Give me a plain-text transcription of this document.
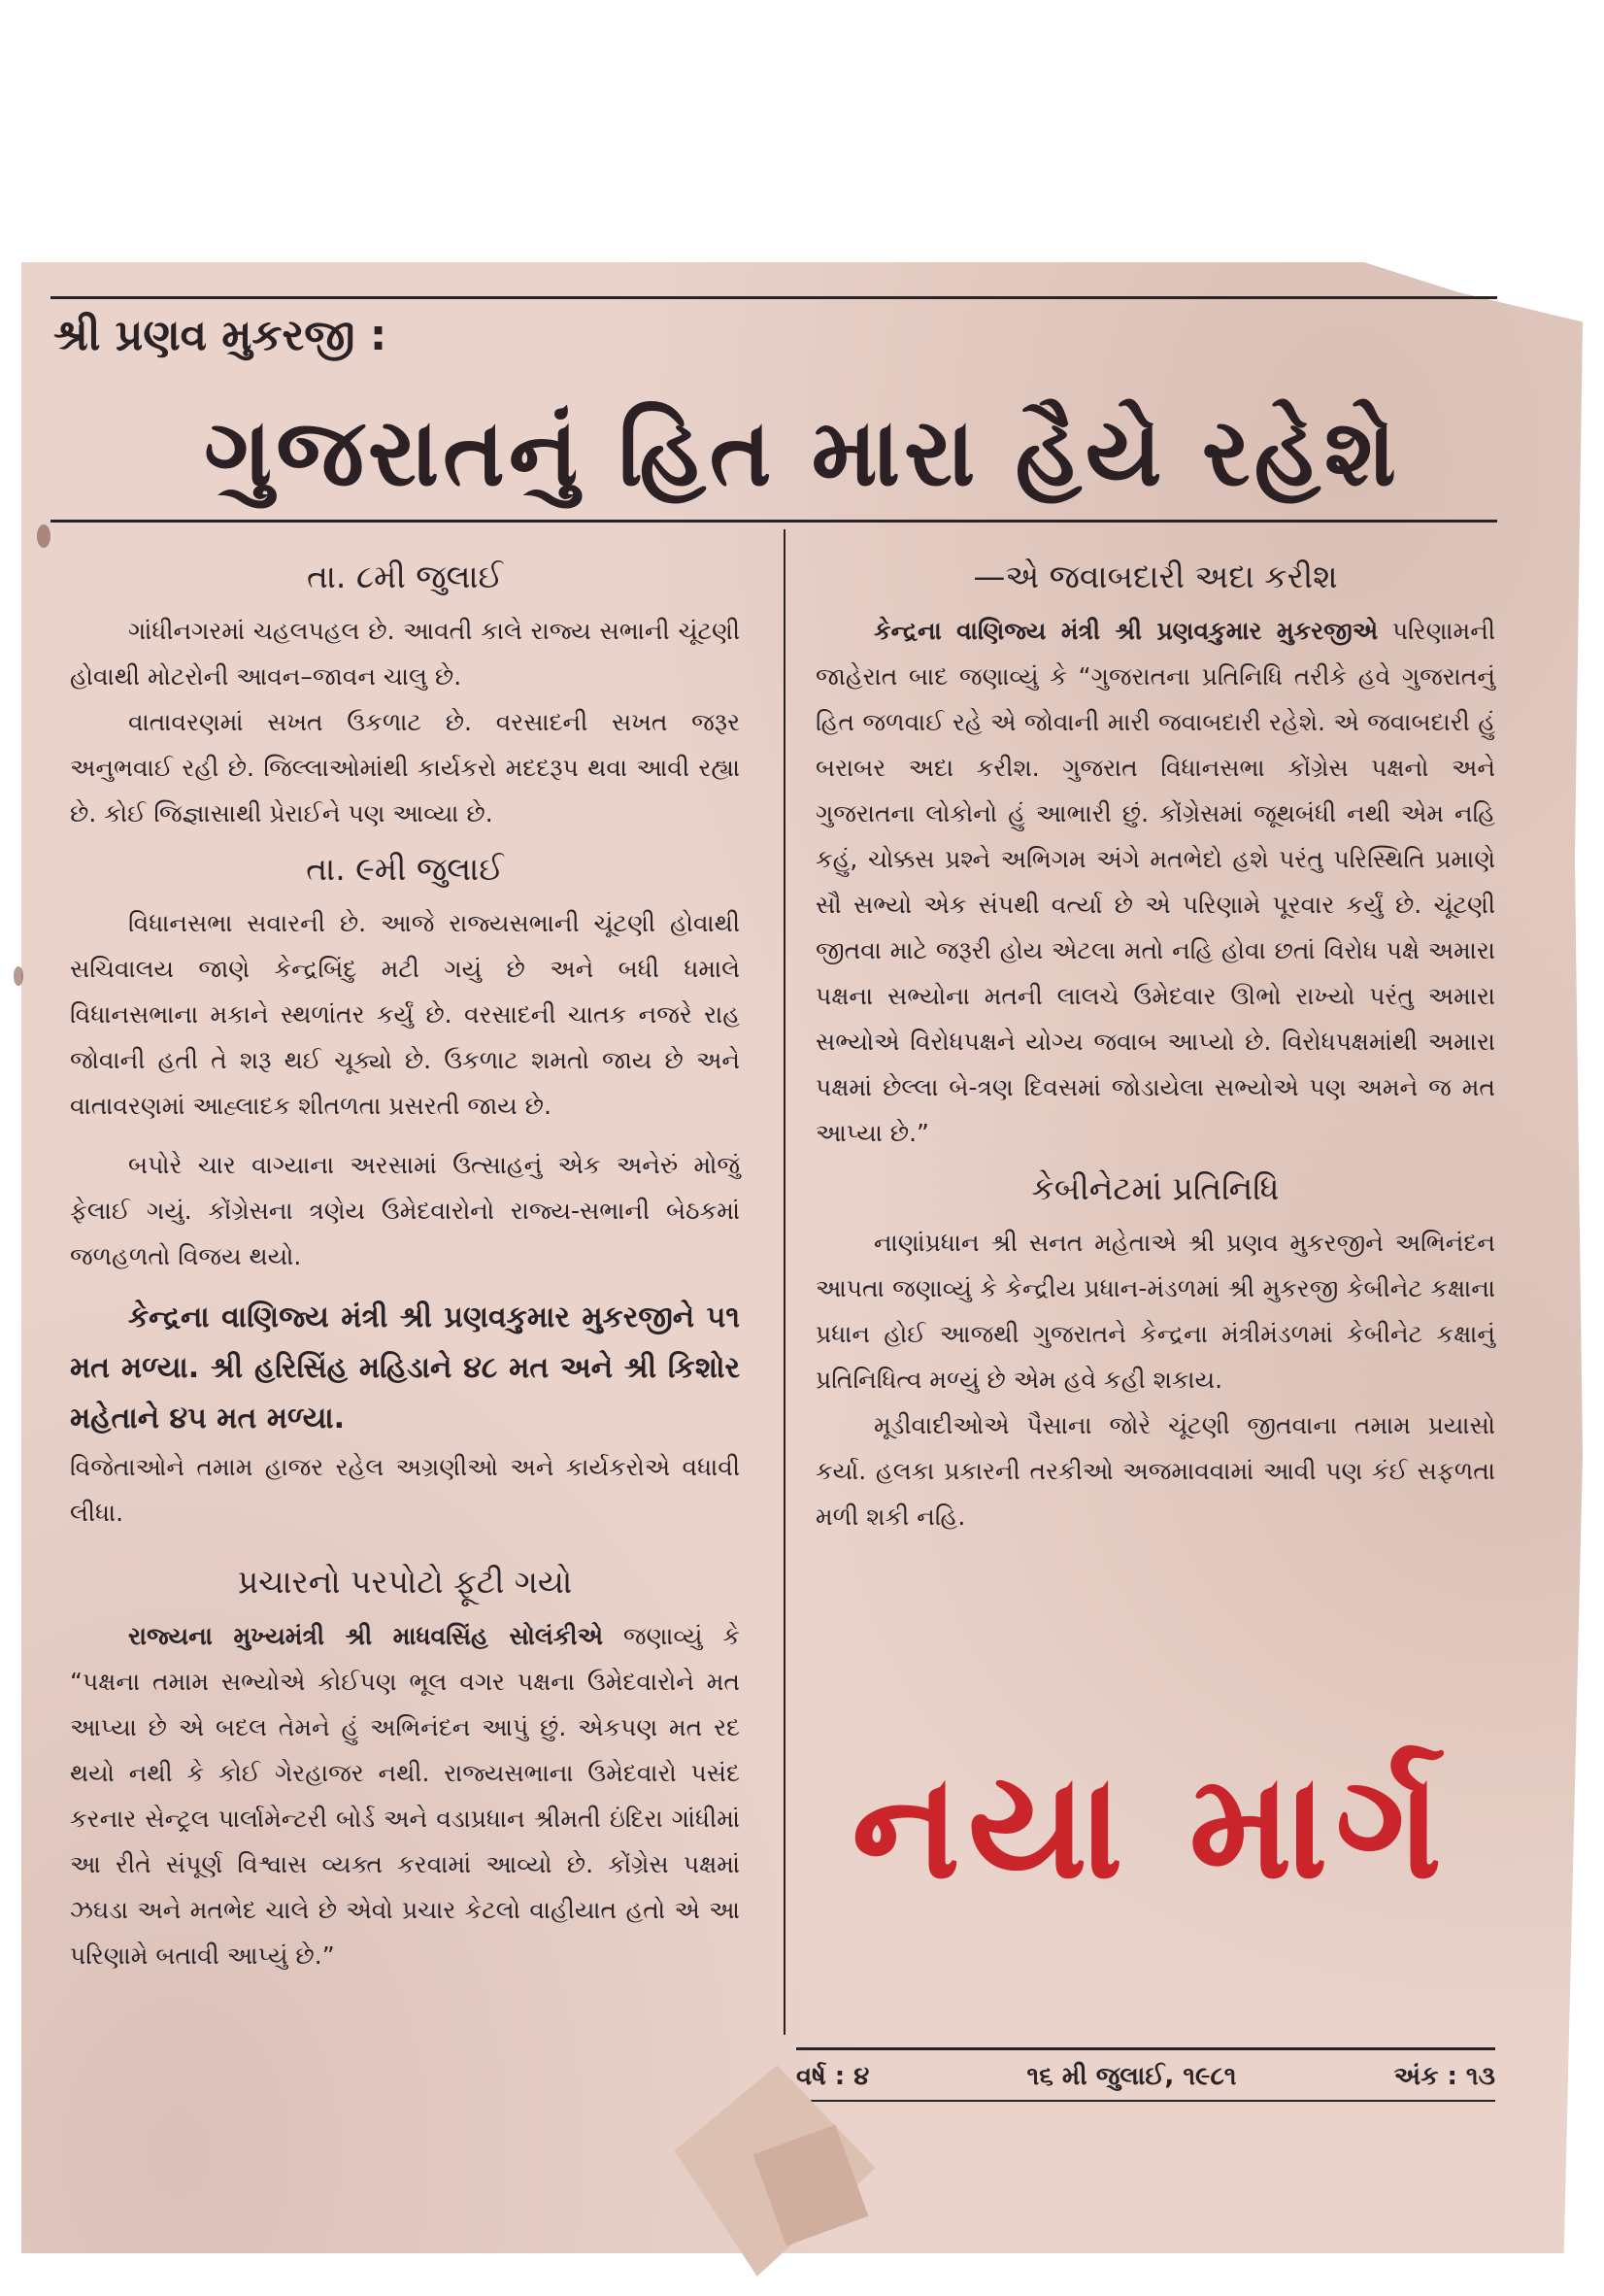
શ્રી પ્રણવ મુકરજી :
ગુજરાતનું હિત મારા હૈયે રહેશે
તા. ૮મી જુલાઈ

ગાંધીનગરમાં ચહલપહલ છે. આવતી કાલે રાજ્ય સભાની ચૂંટણી હોવાથી મોટરોની આવન–જાવન ચાલુ છે.

વાતાવરણમાં સખત ઉકળાટ છે. વરસાદની સખત જરૂર અનુભવાઈ રહી છે. જિલ્લાઓમાંથી કાર્યકરો મદદરૂપ થવા આવી રહ્યા છે. કોઈ જિજ્ઞાસાથી પ્રેરાઈને પણ આવ્યા છે.

તા. ૯મી જુલાઈ

વિધાનસભા સવારની છે. આજે રાજ્યસભાની ચૂંટણી હોવાથી સચિવાલય જાણે કેન્દ્રબિંદુ મટી ગયું છે અને બધી ધમાલે વિધાનસભાના મકાને સ્થળાંતર કર્યું છે. વરસાદની ચાતક નજરે રાહ જોવાની હતી તે શરૂ થઈ ચૂક્યો છે. ઉકળાટ શમતો જાય છે અને વાતાવરણમાં આહ્લાદક શીતળતા પ્રસરતી જાય છે.

બપોરે ચાર વાગ્યાના અરસામાં ઉત્સાહનું એક અનેરું મોજું ફેલાઈ ગયું. કોંગ્રેસના ત્રણેય ઉમેદવારોનો રાજ્ય-સભાની બેઠકમાં જળહળતો વિજય થયો.

કેન્દ્રના વાણિજ્ય મંત્રી શ્રી પ્રણવકુમાર મુકરજીને ૫૧ મત મળ્યા. શ્રી હરિસિંહ મહિડાને ૪૮ મત અને શ્રી કિશોર મહેતાને ૪૫ મત મળ્યા.

વિજેતાઓને તમામ હાજર રહેલ અગ્રણીઓ અને કાર્યકરોએ વધાવી લીધા.

પ્રચારનો પરપોટો ફૂટી ગયો

રાજ્યના મુખ્યમંત્રી શ્રી માધવસિંહ સોલંકીએ જણાવ્યું કે “પક્ષના તમામ સભ્યોએ કોઈપણ ભૂલ વગર પક્ષના ઉમેદવારોને મત આપ્યા છે એ બદલ તેમને હું અભિનંદન આપું છું. એકપણ મત રદ થયો નથી કે કોઈ ગેરહાજર નથી. રાજ્યસભાના ઉમેદવારો પસંદ કરનાર સેન્ટ્રલ પાર્લામેન્ટરી બોર્ડ અને વડાપ્રધાન શ્રીમતી ઇંદિરા ગાંધીમાં આ રીતે સંપૂર્ણ વિશ્વાસ વ્યક્ત કરવામાં આવ્યો છે. કોંગ્રેસ પક્ષમાં ઝઘડા અને મતભેદ ચાલે છે એવો પ્રચાર કેટલો વાહીયાત હતો એ આ પરિણામે બતાવી આપ્યું છે.”

—એ જવાબદારી અદા કરીશ

કેન્દ્રના વાણિજ્ય મંત્રી શ્રી પ્રણવકુમાર મુકરજીએ પરિણામની જાહેરાત બાદ જણાવ્યું કે “ગુજરાતના પ્રતિનિધિ તરીકે હવે ગુજરાતનું હિત જળવાઈ રહે એ જોવાની મારી જવાબદારી રહેશે. એ જવાબદારી હું બરાબર અદા કરીશ. ગુજરાત વિધાનસભા કોંગ્રેસ પક્ષનો અને ગુજરાતના લોકોનો હું આભારી છું. કોંગ્રેસમાં જૂથબંધી નથી એમ નહિ કહું, ચોક્કસ પ્રશ્ને અભિગમ અંગે મતભેદો હશે પરંતુ પરિસ્થિતિ પ્રમાણે સૌ સભ્યો એક સંપથી વર્ત્યા છે એ પરિણામે પૂરવાર કર્યું છે. ચૂંટણી જીતવા માટે જરૂરી હોય એટલા મતો નહિ હોવા છતાં વિરોધ પક્ષે અમારા પક્ષના સભ્યોના મતની લાલચે ઉમેદવાર ઊભો રાખ્યો પરંતુ અમારા સભ્યોએ વિરોધપક્ષને યોગ્ય જવાબ આપ્યો છે. વિરોધપક્ષમાંથી અમારા પક્ષમાં છેલ્લા બે-ત્રણ દિવસમાં જોડાયેલા સભ્યોએ પણ અમને જ મત આપ્યા છે.”

કેબીનેટમાં પ્રતિનિધિ

નાણાંપ્રધાન શ્રી સનત મહેતાએ શ્રી પ્રણવ મુકરજીને અભિનંદન આપતા જણાવ્યું કે કેન્દ્રીય પ્રધાન-મંડળમાં શ્રી મુકરજી કેબીનેટ કક્ષાના પ્રધાન હોઈ આજથી ગુજરાતને કેન્દ્રના મંત્રીમંડળમાં કેબીનેટ કક્ષાનું પ્રતિનિધિત્વ મળ્યું છે એમ હવે કહી શકાય.

મૂડીવાદીઓએ પૈસાના જોરે ચૂંટણી જીતવાના તમામ પ્રયાસો કર્યા. હલકા પ્રકારની તરકીઓ અજમાવવામાં આવી પણ કંઈ સફળતા મળી શકી નહિ.

નયા માર્ગ
વર્ષ : ૪	૧૬ મી જુલાઈ, ૧૯૮૧	અંક : ૧૩
